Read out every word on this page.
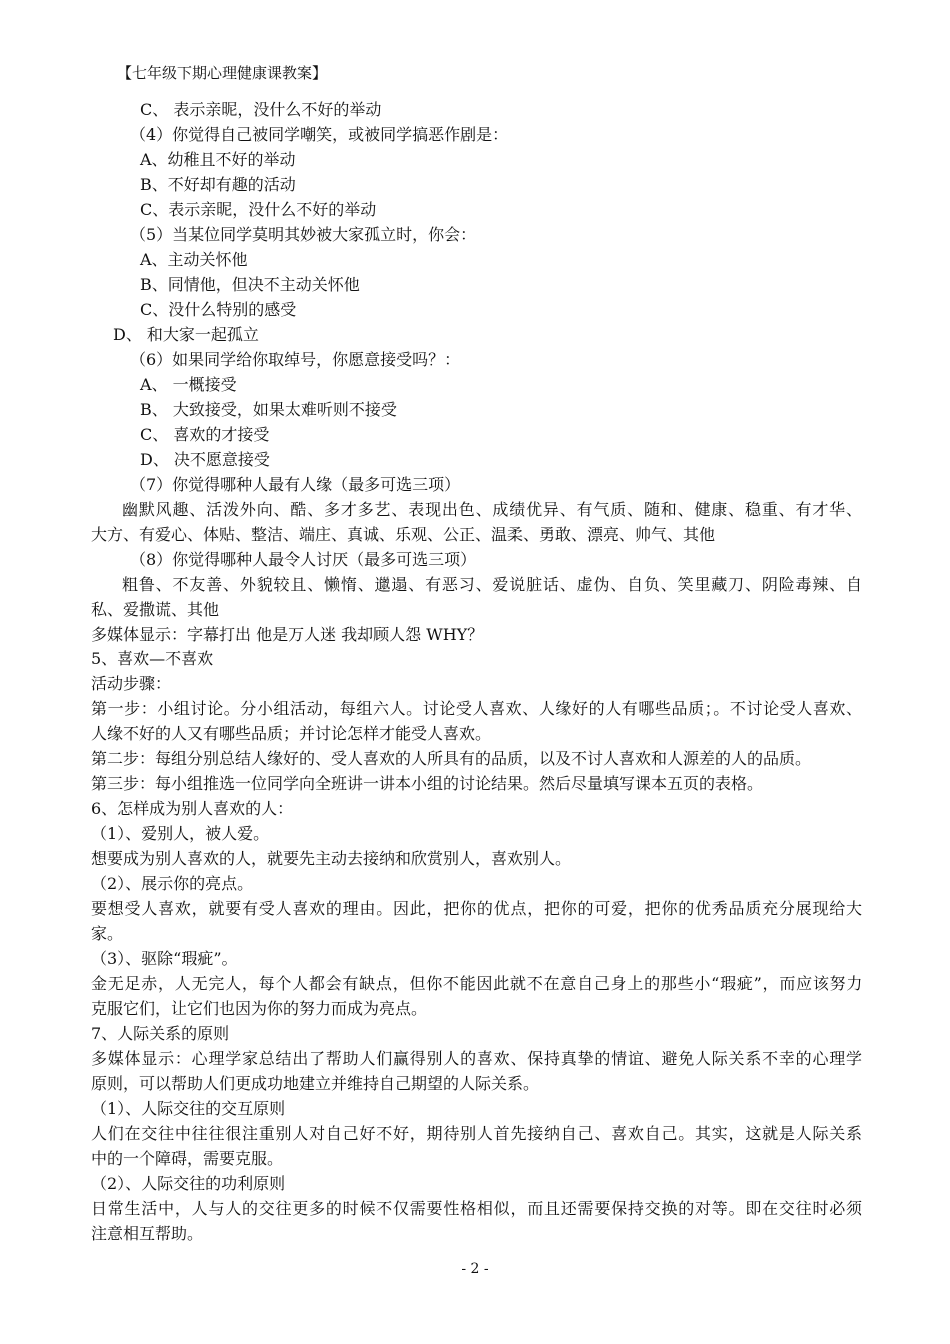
【七年级下期心理健康课教案】
C、 表示亲昵，没什么不好的举动
（4）你觉得自己被同学嘲笑，或被同学搞恶作剧是：
A、幼稚且不好的举动
B、不好却有趣的活动
C、表示亲昵，没什么不好的举动
（5）当某位同学莫明其妙被大家孤立时，你会：
A、主动关怀他
B、同情他，但决不主动关怀他
C、没什么特别的感受
D、 和大家一起孤立
（6）如果同学给你取绰号，你愿意接受吗？：
A、 一概接受
B、 大致接受，如果太难听则不接受
C、 喜欢的才接受
D、 决不愿意接受
（7）你觉得哪种人最有人缘（最多可选三项）
幽默风趣、活泼外向、酷、多才多艺、表现出色、成绩优异、有气质、随和、健康、稳重、有才华、
大方、有爱心、体贴、整洁、端庄、真诚、乐观、公正、温柔、勇敢、漂亮、帅气、其他
（8）你觉得哪种人最令人讨厌（最多可选三项）
粗鲁、不友善、外貌较且、懒惰、邋遢、有恶习、爱说脏话、虚伪、自负、笑里藏刀、阴险毒辣、自
私、爱撒谎、其他
多媒体显示：字幕打出 他是万人迷 我却顾人怨 WHY？
5、喜欢—不喜欢
活动步骤：
第一步：小组讨论。分小组活动，每组六人。讨论受人喜欢、人缘好的人有哪些品质；。不讨论受人喜欢、
人缘不好的人又有哪些品质；并讨论怎样才能受人喜欢。
第二步：每组分别总结人缘好的、受人喜欢的人所具有的品质，以及不讨人喜欢和人源差的人的品质。
第三步：每小组推选一位同学向全班讲一讲本小组的讨论结果。然后尽量填写课本五页的表格。
6、怎样成为别人喜欢的人：
（1）、爱别人，被人爱。
想要成为别人喜欢的人，就要先主动去接纳和欣赏别人，喜欢别人。
（2）、展示你的亮点。
要想受人喜欢，就要有受人喜欢的理由。因此，把你的优点，把你的可爱，把你的优秀品质充分展现给大
家。
（3）、驱除“瑕疵”。
金无足赤，人无完人，每个人都会有缺点，但你不能因此就不在意自己身上的那些小“瑕疵”，而应该努力
克服它们，让它们也因为你的努力而成为亮点。
7、人际关系的原则
多媒体显示：心理学家总结出了帮助人们赢得别人的喜欢、保持真挚的情谊、避免人际关系不幸的心理学
原则，可以帮助人们更成功地建立并维持自己期望的人际关系。
（1）、人际交往的交互原则
人们在交往中往往很注重别人对自己好不好，期待别人首先接纳自己、喜欢自己。其实，这就是人际关系
中的一个障碍，需要克服。
（2）、人际交往的功利原则
日常生活中，人与人的交往更多的时候不仅需要性格相似，而且还需要保持交换的对等。即在交往时必须
注意相互帮助。
- 2 -
